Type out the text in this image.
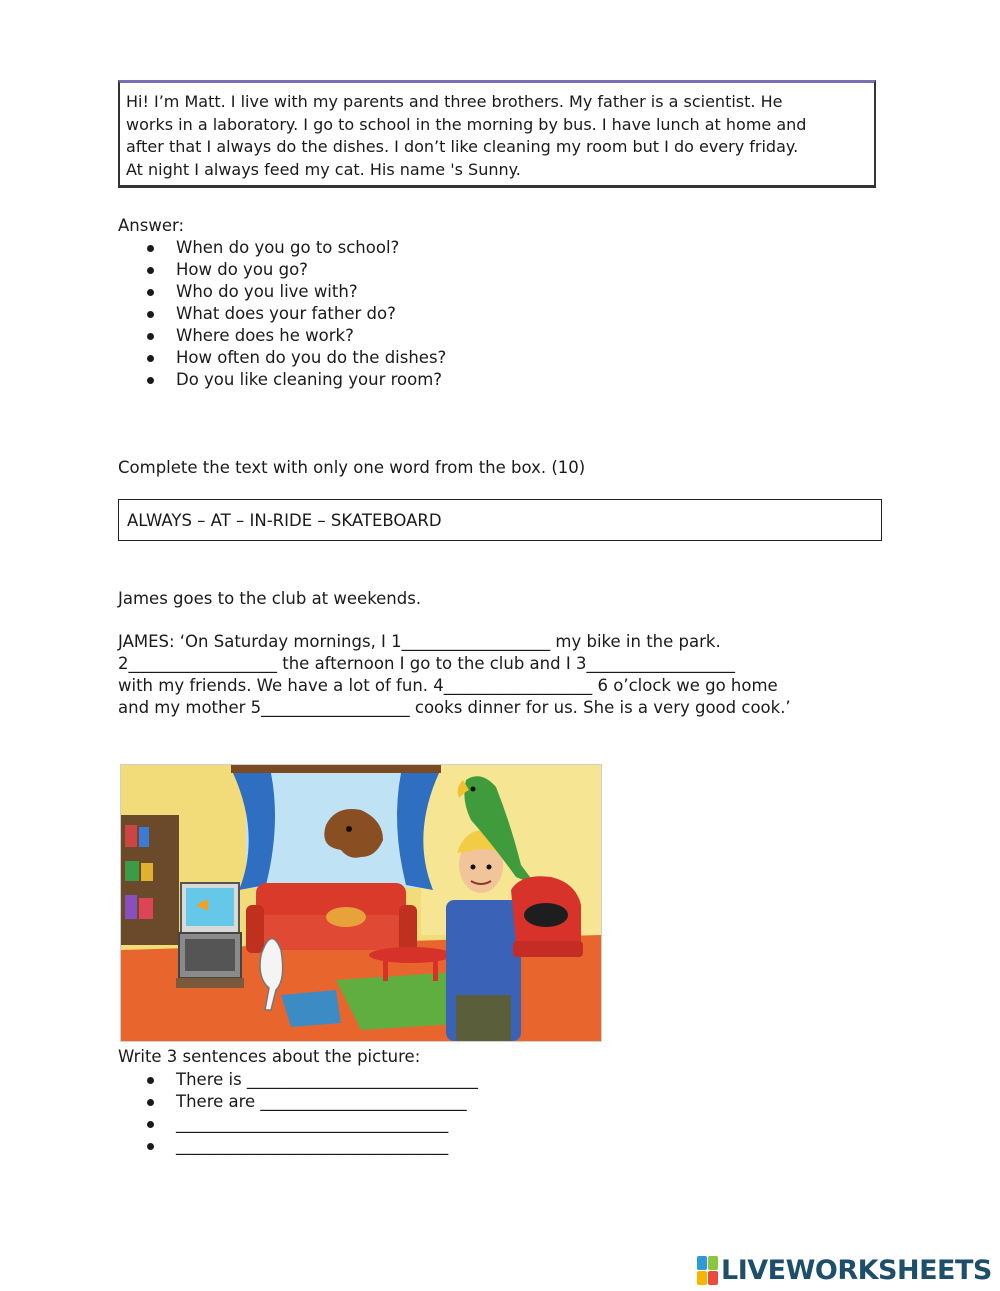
Hi! I’m Matt. I live with my parents and three brothers. My father is a scientist. He
works in a laboratory. I go to school in the morning by bus. I have lunch at home and
after that I always do the dishes. I don’t like cleaning my room but I do every friday.
At night I always feed my cat. His name 's Sunny.
Answer:
When do you go to school?
How do you go?
Who do you live with?
What does your father do?
Where does he work?
How often do you do the dishes?
Do you like cleaning your room?
Complete the text with only one word from the box. (10)
ALWAYS – AT – IN-RIDE – SKATEBOARD
James goes to the club at weekends.
JAMES: ‘On Saturday mornings, I 1__________________ my bike in the park.
2__________________ the afternoon I go to the club and I 3__________________
with my friends. We have a lot of fun. 4__________________ 6 o’clock we go home
and my mother 5__________________ cooks dinner for us. She is a very good cook.’
Write 3 sentences about the picture:
There is ____________________________
There are _________________________
_________________________________
_________________________________
LIVEWORKSHEETS
